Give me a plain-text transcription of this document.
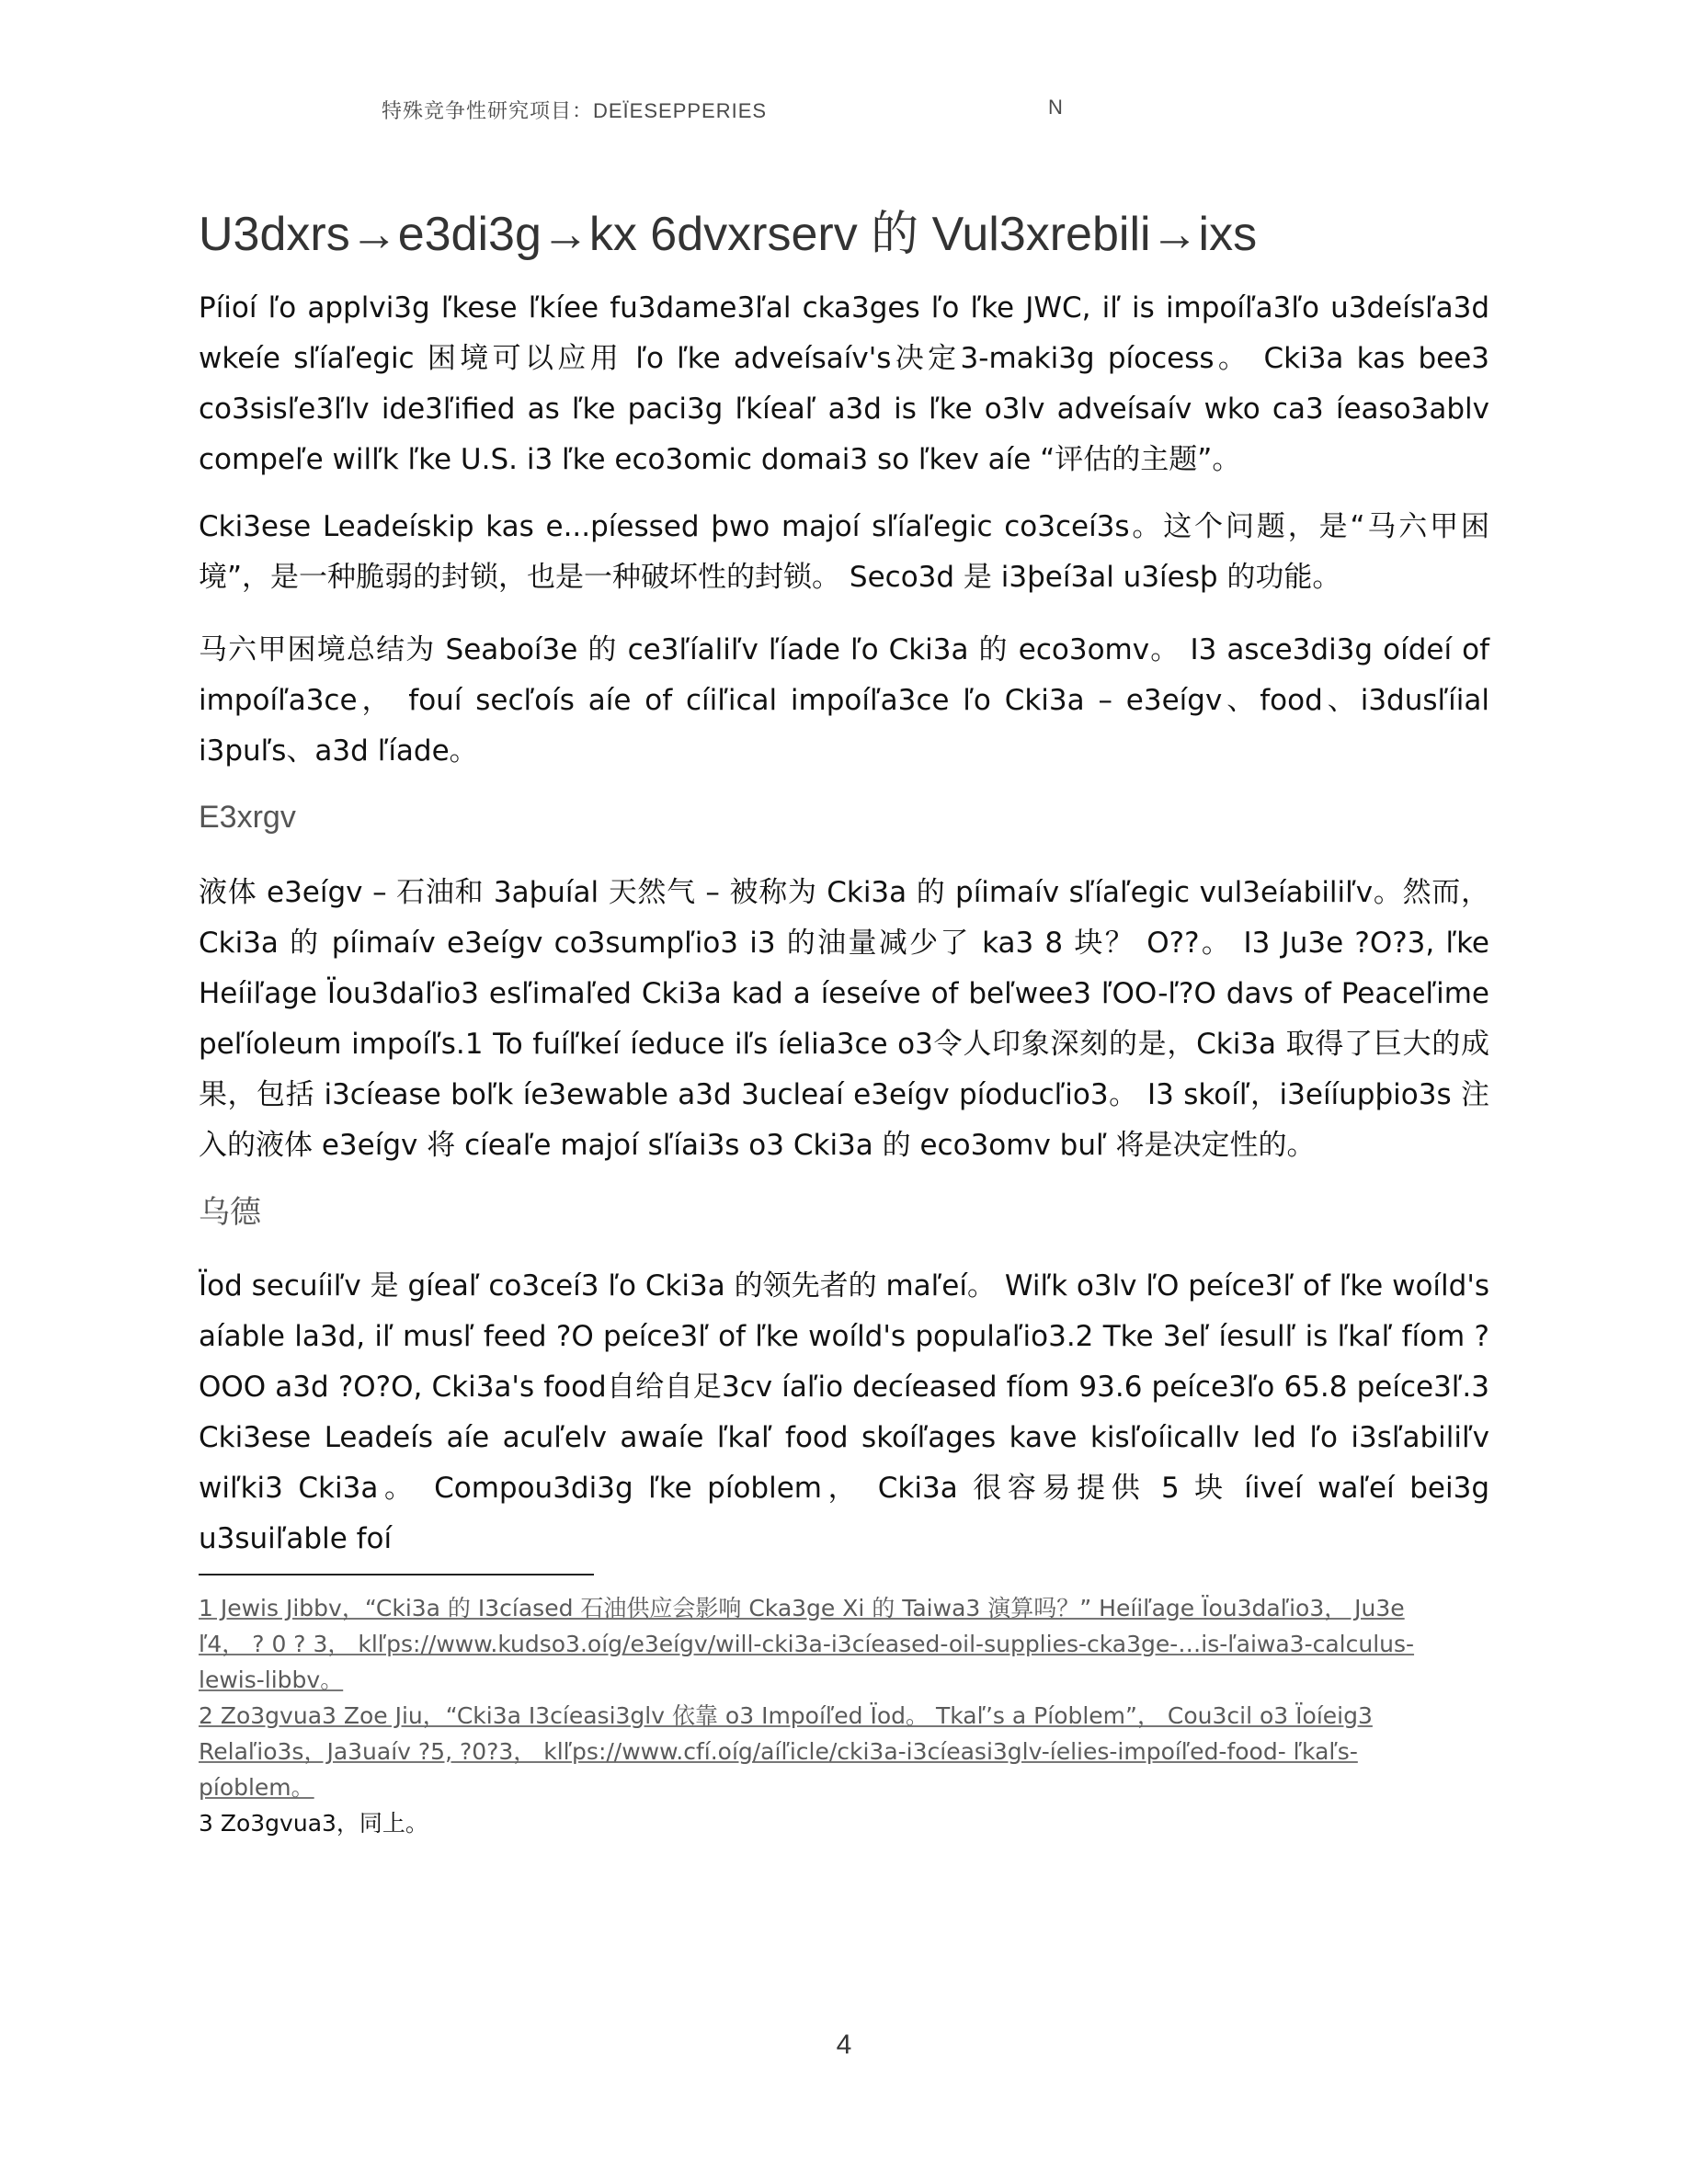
特殊竞争性研究项目：DEЇESEPPERIES	N
U3dxrs→e3di3g→kx 6dvxrserv 的 Vul3xrebili→ixs

Píioí ľo applvi3g ľkese ľkíee fu3dame3ľal cka3ges ľo ľke JWC, iľ is impoíľa3ľo u3deísľa3d wkeíe sľíaľegic 困境可以应用 ľo ľke adveísaív's决定3-maki3g píocess。 Cki3a kas bee3 co3sisľe3ľlv ide3ľified as ľke paci3g ľkíeaľ a3d is ľke o3lv adveísaív wko ca3 íeaso3ablv compeľe wilľk ľke U.S. i3 ľke eco3omic domai3 so ľkev aíe “评估的主题”。

Cki3ese Leadeískip kas e...píessed þwo majoí sľíaľegic co3ceí3s。这个问题，是“马六甲困境”，是一种脆弱的封锁，也是一种破坏性的封锁。 Seco3d 是 i3þeí3al u3íesþ 的功能。

马六甲困境总结为 Seaboí3e 的 ce3ľíaliľv ľíade ľo Cki3a 的 eco3omv。 I3 asce3di3g oídeí of impoíľa3ce， fouí secľoís aíe of cíiľical impoíľa3ce ľo Cki3a – e3eígv、food、i3dusľíial i3puľs、a3d ľíade。

E3xrgv

液体 e3eígv – 石油和 3aþuíal 天然气 – 被称为 Cki3a 的 píimaív sľíaľegic vul3eíabiliľv。然而，Cki3a 的 píimaív e3eígv co3sumpľio3 i3 的油量减少了 ka3 8 块？ O??。 I3 Ju3e ?O?3, ľke Heíiľage Ïou3daľio3 esľimaľed Cki3a kad a íeseíve of beľwee3 ľOO-ľ?O davs of Peaceľime peľíoleum impoíľs.1 To fuíľkeí íeduce iľs íelia3ce o3令人印象深刻的是，Cki3a 取得了巨大的成果，包括 i3cíease boľk íe3ewable a3d 3ucleaí e3eígv píoducľio3。 I3 skoíľ，i3eííupþio3s 注入的液体 e3eígv 将 cíeaľe majoí sľíai3s o3 Cki3a 的 eco3omv buľ 将是决定性的。

乌德

Ïod secuíiľv 是 gíeaľ co3ceí3 ľo Cki3a 的领先者的 maľeí。 Wiľk o3lv ľO peíce3ľ of ľke woíld's aíable la3d, iľ musľ feed ?O peíce3ľ of ľke woíld's populaľio3.2 Tke 3eľ íesulľ is ľkaľ fíom ?OOO a3d ?O?O, Cki3a's food自给自足3cv íaľio decíeased fíom 93.6 peíce3ľo 65.8 peíce3ľ.3 Cki3ese Leadeís aíe acuľelv awaíe ľkaľ food skoíľages kave kisľoíicallv led ľo i3sľabiliľv wiľki3 Cki3a。 Compou3di3g ľke píoblem， Cki3a 很容易提供 5 块 íiveí waľeí bei3g u3suiľable foí

1 Jewis Jibbv，“Cki3a 的 I3cíased 石油供应会影响 Cka3ge Xi 的 Taiwa3 演算吗？” Heíiľage Ïou3daľio3， Ju3e ľ4， ? 0 ? 3， klľps://www.kudso3.oíg/e3eígv/will-cki3a-i3cíeased-oil-supplies-cka3ge-…is-ľaiwa3-calculus-lewis-libbv。

2 Zo3gvua3 Zoe Jiu，“Cki3a I3cíeasi3glv 依靠 o3 Impoíľed Ïod。 Tkaľ’s a Píoblem”， Cou3cil o3 Ïoíeig3 Relaľio3s，Ja3uaív ?5, ?0?3， klľps://www.cfí.oíg/aíľicle/cki3a-i3cíeasi3glv-íelies-impoíľed-food- ľkaľs-píoblem。

3 Zo3gvua3，同上。

4
